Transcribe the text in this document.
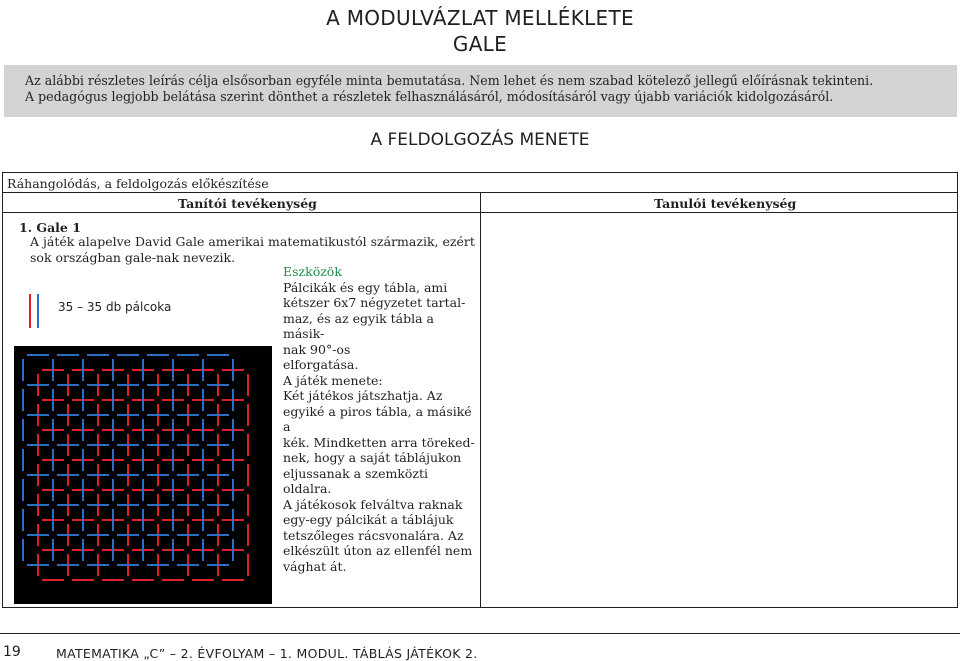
A MODULVÁZLAT MELLÉKLETE
GALE
Az alábbi részletes leírás célja elsősorban egyféle minta bemutatása. Nem lehet és nem szabad kötelező jellegű előírásnak tekinteni.
A pedagógus legjobb belátása szerint dönthet a részletek felhasználásáról, módosításáról vagy újabb variációk kidolgozásáról.
A FELDOLGOZÁS MENETE
Ráhangolódás, a feldolgozás előkészítése
Tanítói tevékenység	Tanulói tevékenység
1. Gale 1
A játék alapelve David Gale amerikai matematikustól származik, ezért sok országban gale-nak nevezik.
Eszközök
Pálcikák és egy tábla, ami
kétszer 6x7 négyzetet tartal-
maz, és az egyik tábla a másik-
nak 90°-os
elforgatása.
A játék menete:
Két játékos játszhatja. Az
egyiké a piros tábla, a másiké a
kék. Mindketten arra töreked-
nek, hogy a saját táblájukon
eljussanak a szemközti oldalra.
A játékosok felváltva raknak
egy-egy pálcikát a táblájuk
tetszőleges rácsvonalára. Az
elkészült úton az ellenfél nem
vághat át.
35 – 35 db pálcoka
19	MATEMATIKA „C” – 2. ÉVFOLYAM – 1. MODUL. TÁBLÁS JÁTÉKOK 2.
